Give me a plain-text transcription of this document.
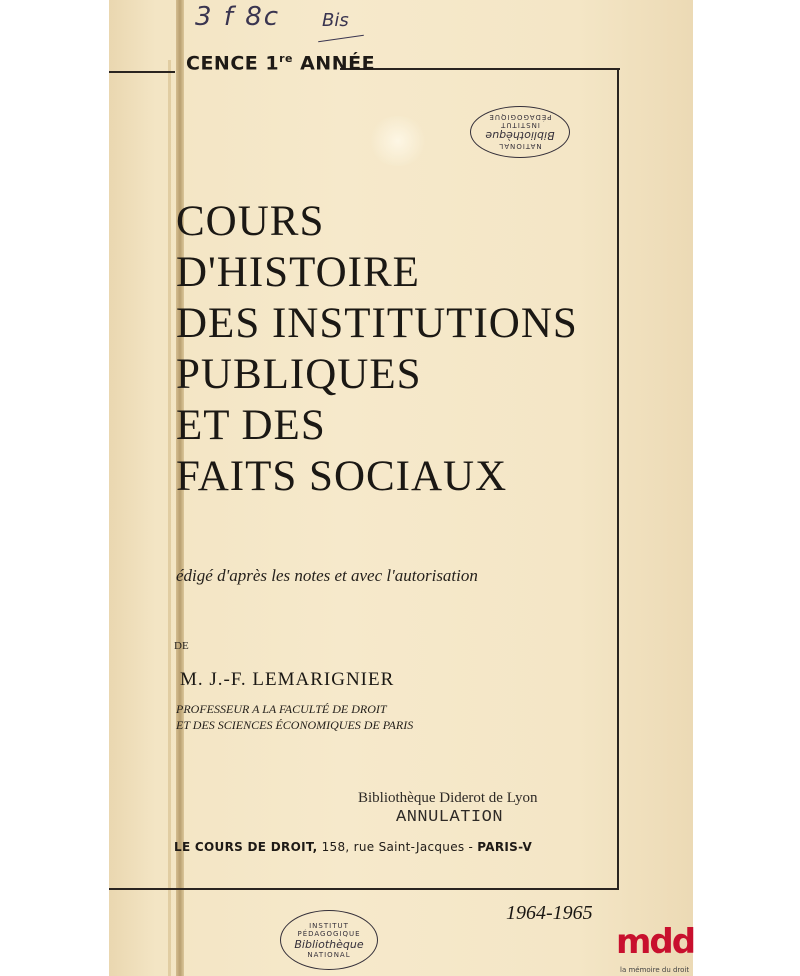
3 f 8c Bis
CENCE 1re ANNÉE
NATIONAL
Bibliothèque
INSTITUT PÉDAGOGIQUE
COURS
D'HISTOIRE
DES INSTITUTIONS
PUBLIQUES
ET DES
FAITS SOCIAUX
édigé d'après les notes et avec l'autorisation
DE
M. J.-F. LEMARIGNIER
PROFESSEUR A LA FACULTÉ DE DROIT
ET DES SCIENCES ÉCONOMIQUES DE PARIS
Bibliothèque Diderot de Lyon
ANNULATION
LE COURS DE DROIT, 158, rue Saint-Jacques - PARIS-V
1964-1965
INSTITUT PÉDAGOGIQUE
Bibliothèque
NATIONAL	mdd
la mémoire du droit
